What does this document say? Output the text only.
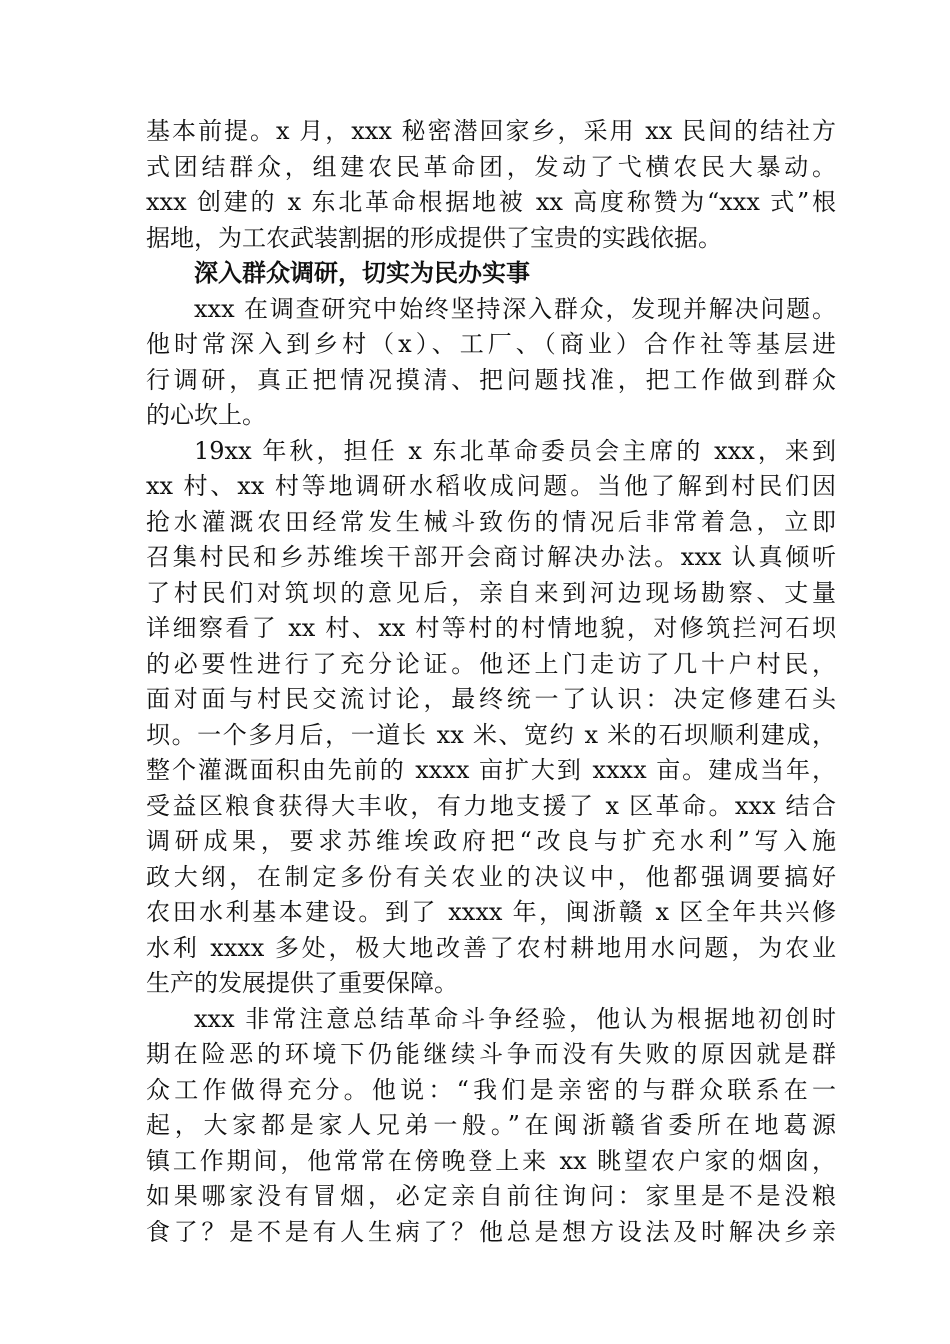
基本前提。x 月，xxx 秘密潜回家乡，采用 xx 民间的结社方
式团结群众，组建农民革命团，发动了弋横农民大暴动。
xxx 创建的 x 东北革命根据地被 xx 高度称赞为“xxx 式”根
据地，为工农武装割据的形成提供了宝贵的实践依据。
深入群众调研，切实为民办实事
xxx 在调查研究中始终坚持深入群众，发现并解决问题。
他时常深入到乡村（x）、工厂、（商业）合作社等基层进
行调研，真正把情况摸清、把问题找准，把工作做到群众
的心坎上。
19xx 年秋，担任 x 东北革命委员会主席的 xxx，来到
xx 村、xx 村等地调研水稻收成问题。当他了解到村民们因
抢水灌溉农田经常发生械斗致伤的情况后非常着急，立即
召集村民和乡苏维埃干部开会商讨解决办法。xxx 认真倾听
了村民们对筑坝的意见后，亲自来到河边现场勘察、丈量
详细察看了 xx 村、xx 村等村的村情地貌，对修筑拦河石坝
的必要性进行了充分论证。他还上门走访了几十户村民，
面对面与村民交流讨论，最终统一了认识：决定修建石头
坝。一个多月后，一道长 xx 米、宽约 x 米的石坝顺利建成，
整个灌溉面积由先前的 xxxx 亩扩大到 xxxx 亩。建成当年，
受益区粮食获得大丰收，有力地支援了 x 区革命。xxx 结合
调研成果，要求苏维埃政府把“改良与扩充水利”写入施
政大纲，在制定多份有关农业的决议中，他都强调要搞好
农田水利基本建设。到了 xxxx 年，闽浙赣 x 区全年共兴修
水利 xxxx 多处，极大地改善了农村耕地用水问题，为农业
生产的发展提供了重要保障。
xxx 非常注意总结革命斗争经验，他认为根据地初创时
期在险恶的环境下仍能继续斗争而没有失败的原因就是群
众工作做得充分。他说：“我们是亲密的与群众联系在一
起，大家都是家人兄弟一般。”在闽浙赣省委所在地葛源
镇工作期间，他常常在傍晚登上来 xx 眺望农户家的烟囱，
如果哪家没有冒烟，必定亲自前往询问：家里是不是没粮
食了？是不是有人生病了？他总是想方设法及时解决乡亲
